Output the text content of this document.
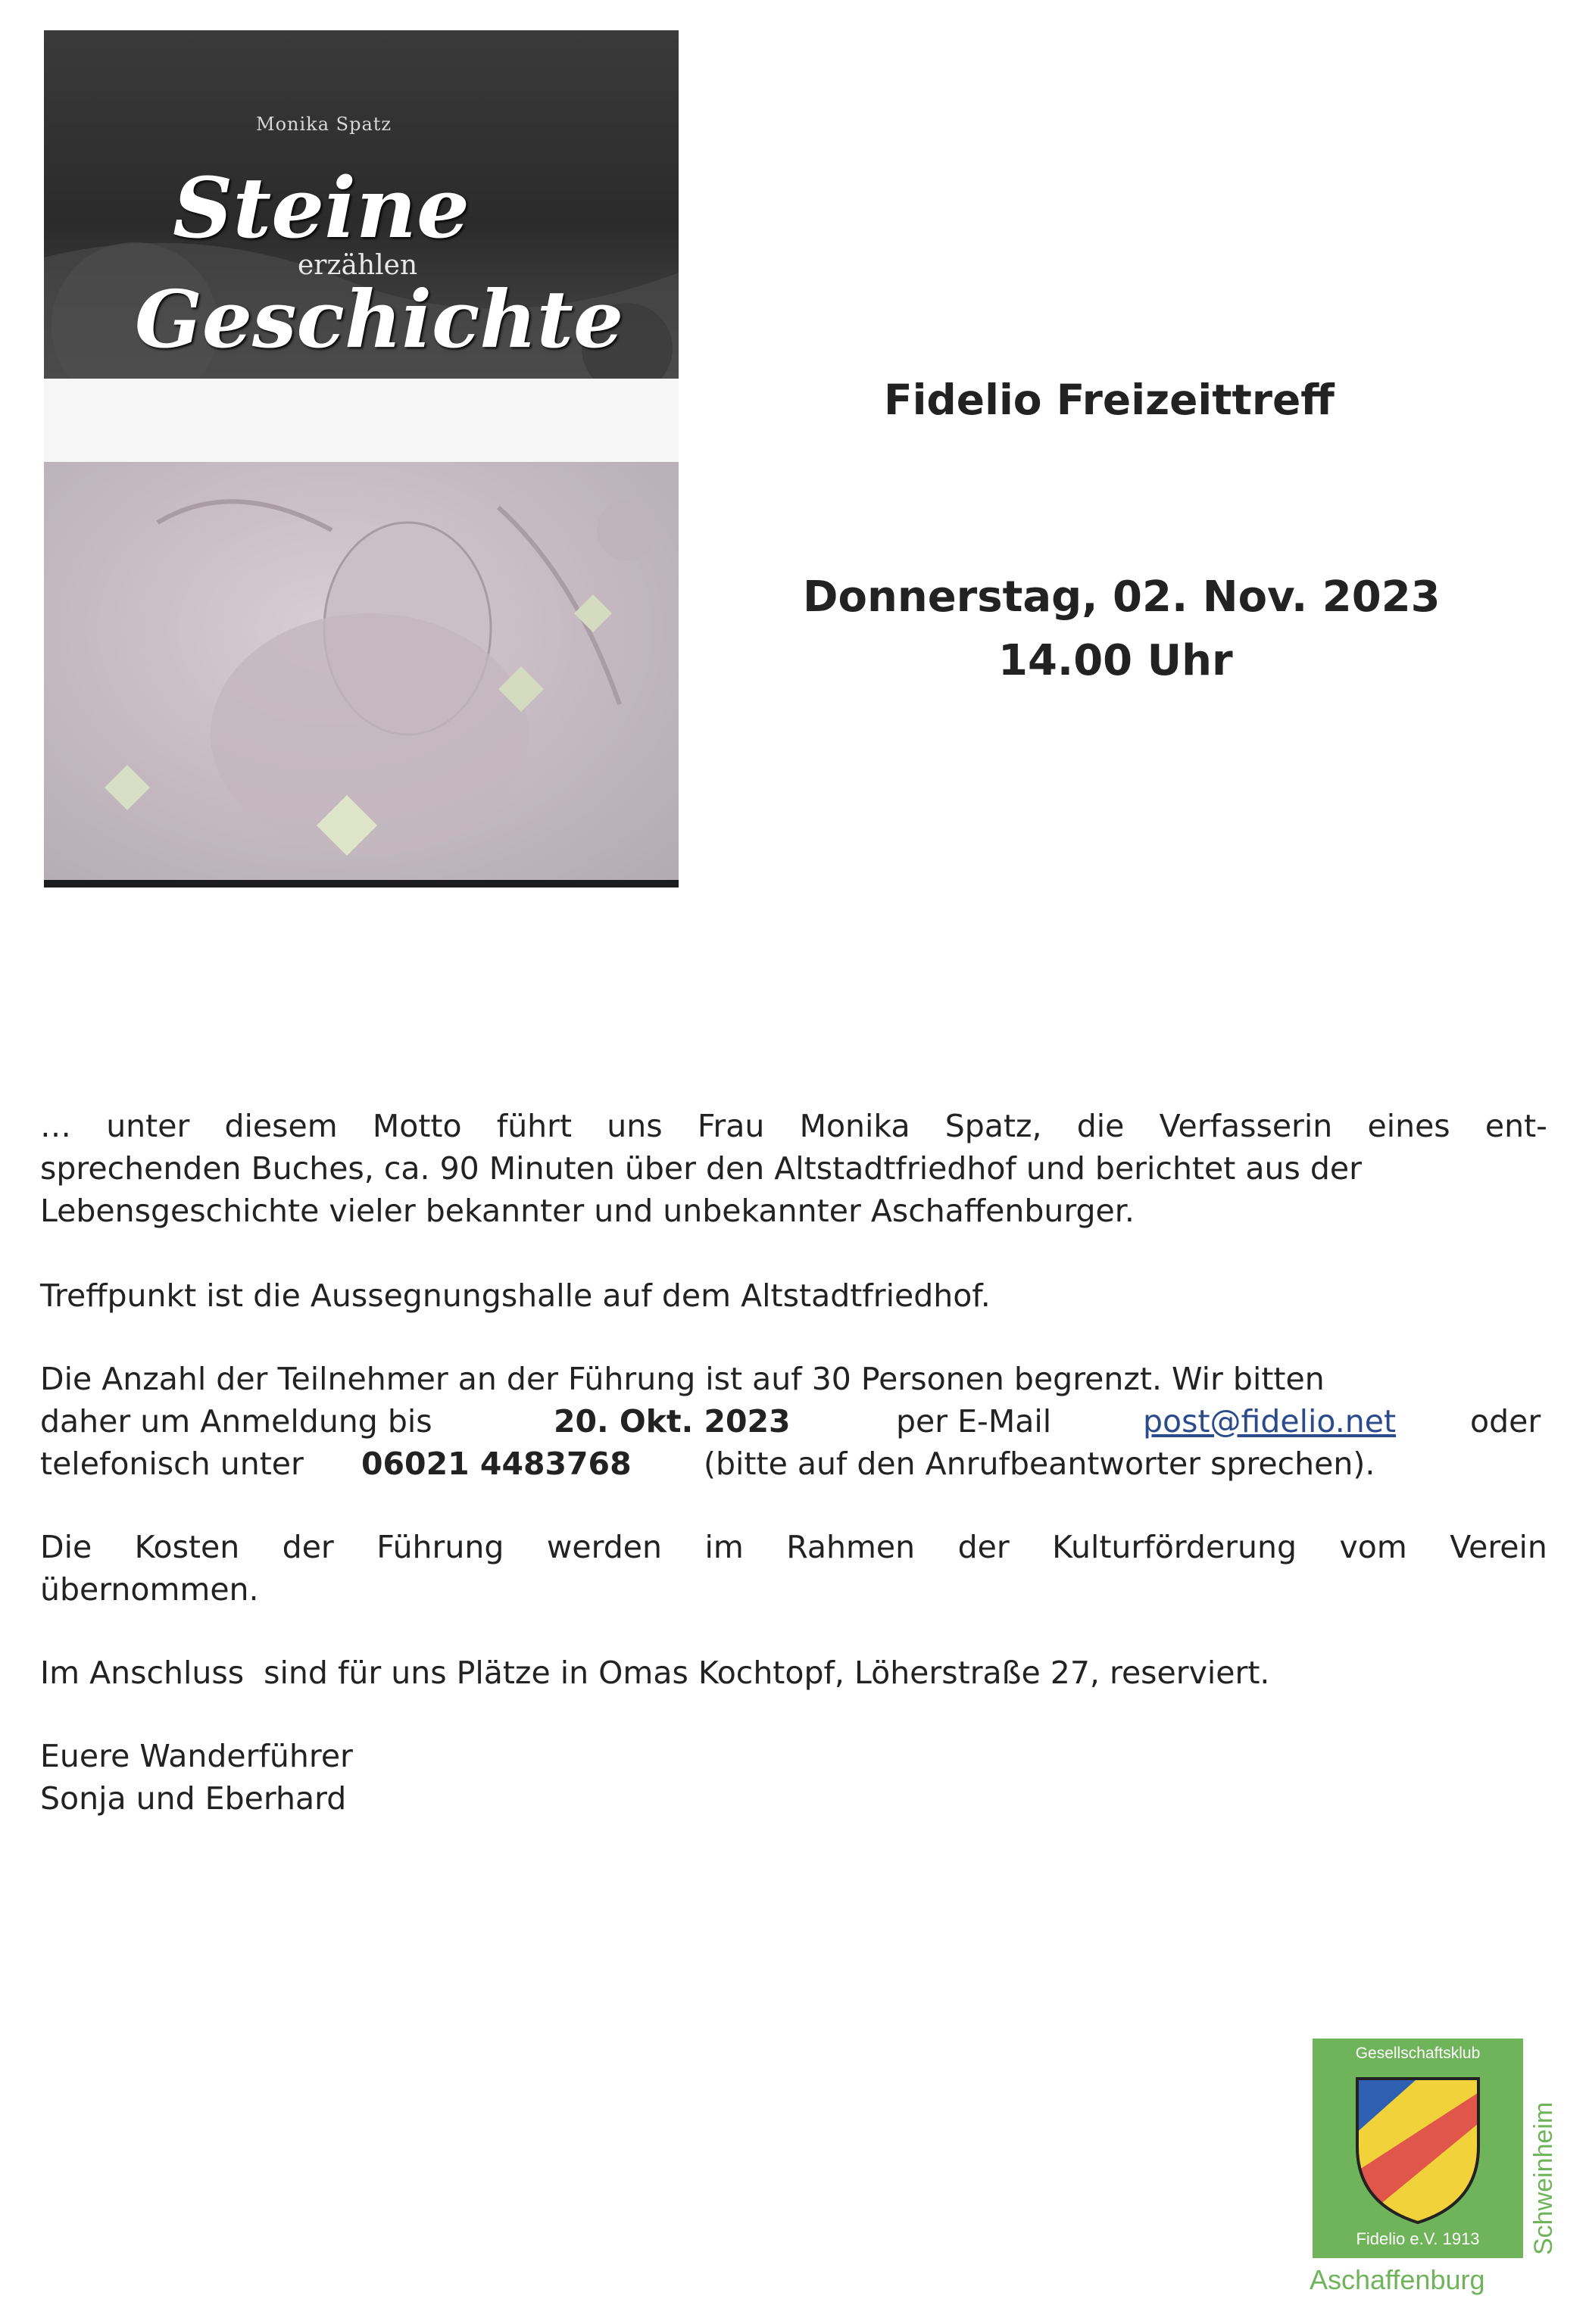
Monika Spatz
Steine
erzählen
Geschichte
Fidelio Freizeittreff
Donnerstag, 02. Nov. 2023
14.00 Uhr
… unter diesem Motto führt uns Frau Monika Spatz, die Verfasserin eines ent-
sprechenden Buches, ca. 90 Minuten über den Altstadtfriedhof und berichtet aus der
Lebensgeschichte vieler bekannter und unbekannter Aschaffenburger.
Treffpunkt ist die Aussegnungshalle auf dem Altstadtfriedhof.
Die Anzahl der Teilnehmer an der Führung ist auf 30 Personen begrenzt. Wir bitten
daher um Anmeldung bis	20. Okt. 2023	per E-Mail	post@fidelio.net oder
telefonisch unter 06021 4483768 (bitte auf den Anrufbeantworter sprechen).
Die Kosten der Führung werden im Rahmen der Kulturförderung vom Verein
übernommen.
Im Anschluss  sind für uns Plätze in Omas Kochtopf, Löherstraße 27, reserviert.
Euere Wanderführer
Sonja und Eberhard
Gesellschaftsklub
Fidelio e.V. 1913
Aschaffenburg
Schweinheim
